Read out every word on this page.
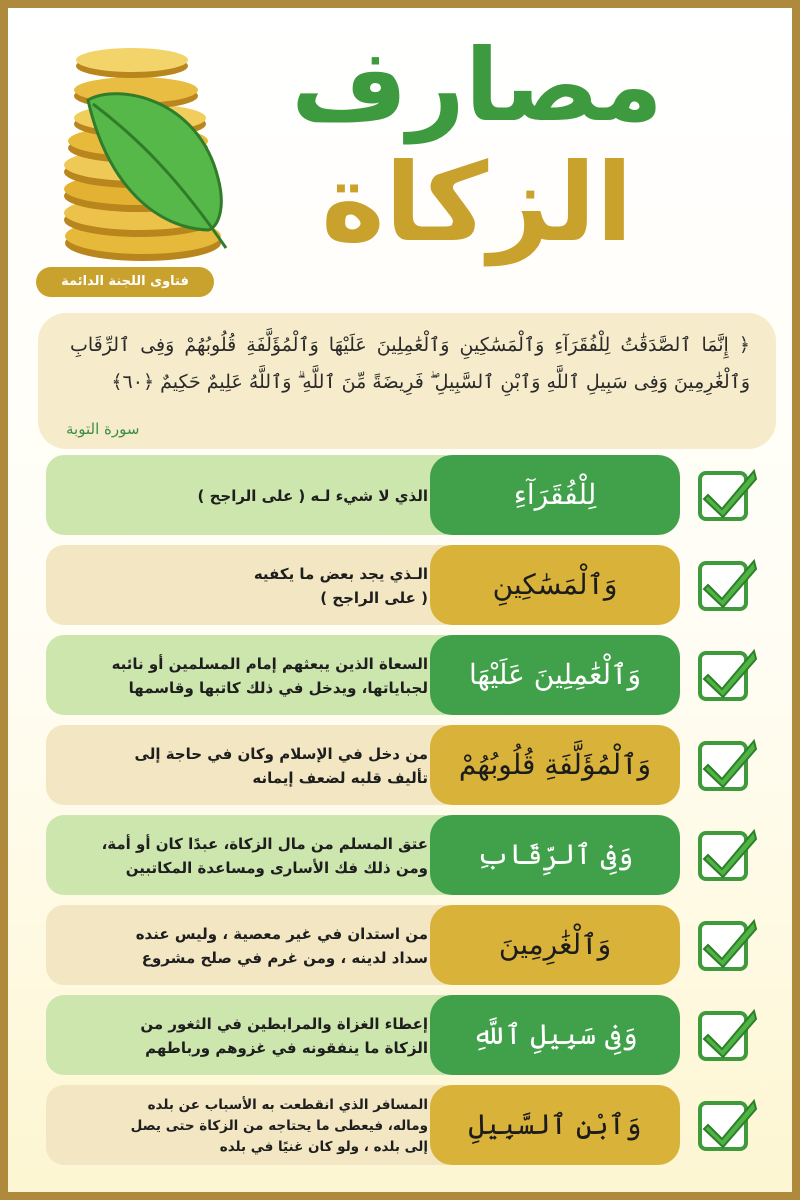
مصارف
الزكاة
فتاوى اللجنة الدائمة
﴿ إِنَّمَا ٱلصَّدَقَٰتُ لِلْفُقَرَآءِ وَٱلْمَسَٰكِينِ وَٱلْعَٰمِلِينَ عَلَيْهَا وَٱلْمُؤَلَّفَةِ قُلُوبُهُمْ وَفِى ٱلرِّقَابِ وَٱلْغَٰرِمِينَ وَفِى سَبِيلِ ٱللَّهِ وَٱبْنِ ٱلسَّبِيلِ ۖ فَرِيضَةً مِّنَ ٱللَّهِ ۗ وَٱللَّهُ عَلِيمٌ حَكِيمٌ ﴿٦٠﴾
سورة التوبة
الذي لا شيء لـه ( على الراجح )	لِلْفُقَرَآءِ
الـذي يجد بعض ما يكفيه
( على الراجح )	وَٱلْمَسَٰكِينِ
السعاة الذين يبعثهم إمام المسلمين أو نائبه
لجباياتها، ويدخل في ذلك كاتبها وقاسمها	وَٱلْعَٰمِلِينَ عَلَيْهَا
من دخل في الإسلام وكان في حاجة إلى
تأليف قلبه لضعف إيمانه	وَٱلْمُؤَلَّفَةِ قُلُوبُهُمْ
عتق المسلم من مال الزكاة، عبدًا كان أو أمة،
ومن ذلك فك الأسارى ومساعدة المكاتبين	وَفِى ٱلرِّقَابِ
من استدان في غير معصية ، وليس عنده
سداد لدينه ، ومن غرم في صلح مشروع	وَٱلْغَٰرِمِينَ
إعطاء الغزاة والمرابطين في الثغور من
الزكاة ما ينفقونه في غزوهم ورباطهم	وَفِى سَبِيلِ ٱللَّهِ
المسافر الذي انقطعت به الأسباب عن بلده
وماله، فيعطى ما يحتاجه من الزكاة حتى يصل
إلى بلده ، ولو كان غنيًا في بلده
وَٱبْنِ ٱلسَّبِيلِ
